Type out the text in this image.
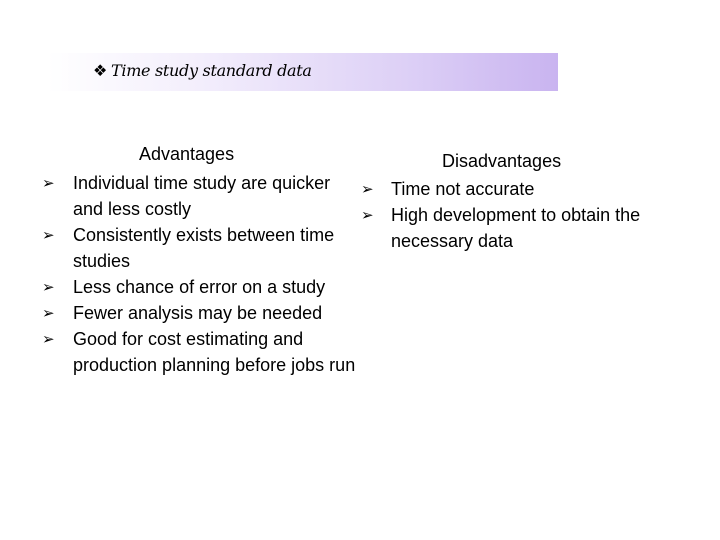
❖ Time study standard data
Advantages
➢ Individual time study are quicker and less costly
➢ Consistently exists between time studies
➢ Less chance of error on a study
➢ Fewer analysis may be needed
➢ Good for cost estimating and production planning before jobs run
Disadvantages
➢ Time not accurate
➢ High development to obtain the necessary data
